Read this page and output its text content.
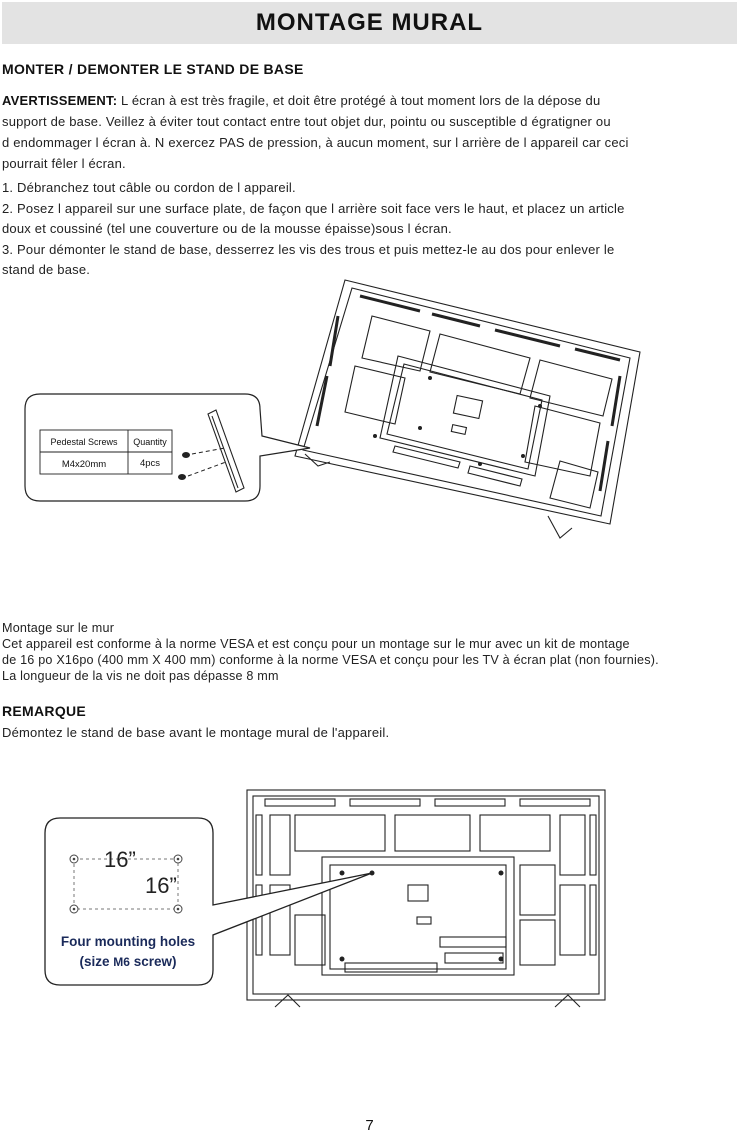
MONTAGE MURAL
MONTER / DEMONTER LE STAND DE BASE
AVERTISSEMENT: L écran à est très fragile, et doit être protégé à tout moment lors de la dépose du
support de base. Veillez à éviter tout contact entre tout objet dur, pointu ou susceptible d égratigner ou
d endommager l écran à. N exercez PAS de pression, à aucun moment, sur l arrière de l appareil car ceci
pourrait fêler l écran.
1. Débranchez tout câble ou cordon de l appareil.
2. Posez l appareil sur une surface plate, de façon que l arrière soit face vers le haut, et placez un article
doux et coussiné (tel une couverture ou de la mousse épaisse)sous l écran.
3. Pour démonter le stand de base, desserrez les vis des trous et puis mettez-le au dos pour enlever le
stand de base.
Pedestal Screws Quantity
M4x20mm	4pcs
Montage sur le mur
Cet appareil est conforme à la norme VESA et est conçu pour un montage sur le mur avec un kit de montage
de 16 po X16po (400 mm X 400 mm) conforme à la norme VESA et conçu pour les TV à écran plat (non fournies).
La longueur de la vis ne doit pas dépasse 8 mm
REMARQUE
Démontez le stand de base avant le montage mural de l'appareil.
16”
16”
Four mounting holes
(size M6 screw)
7
